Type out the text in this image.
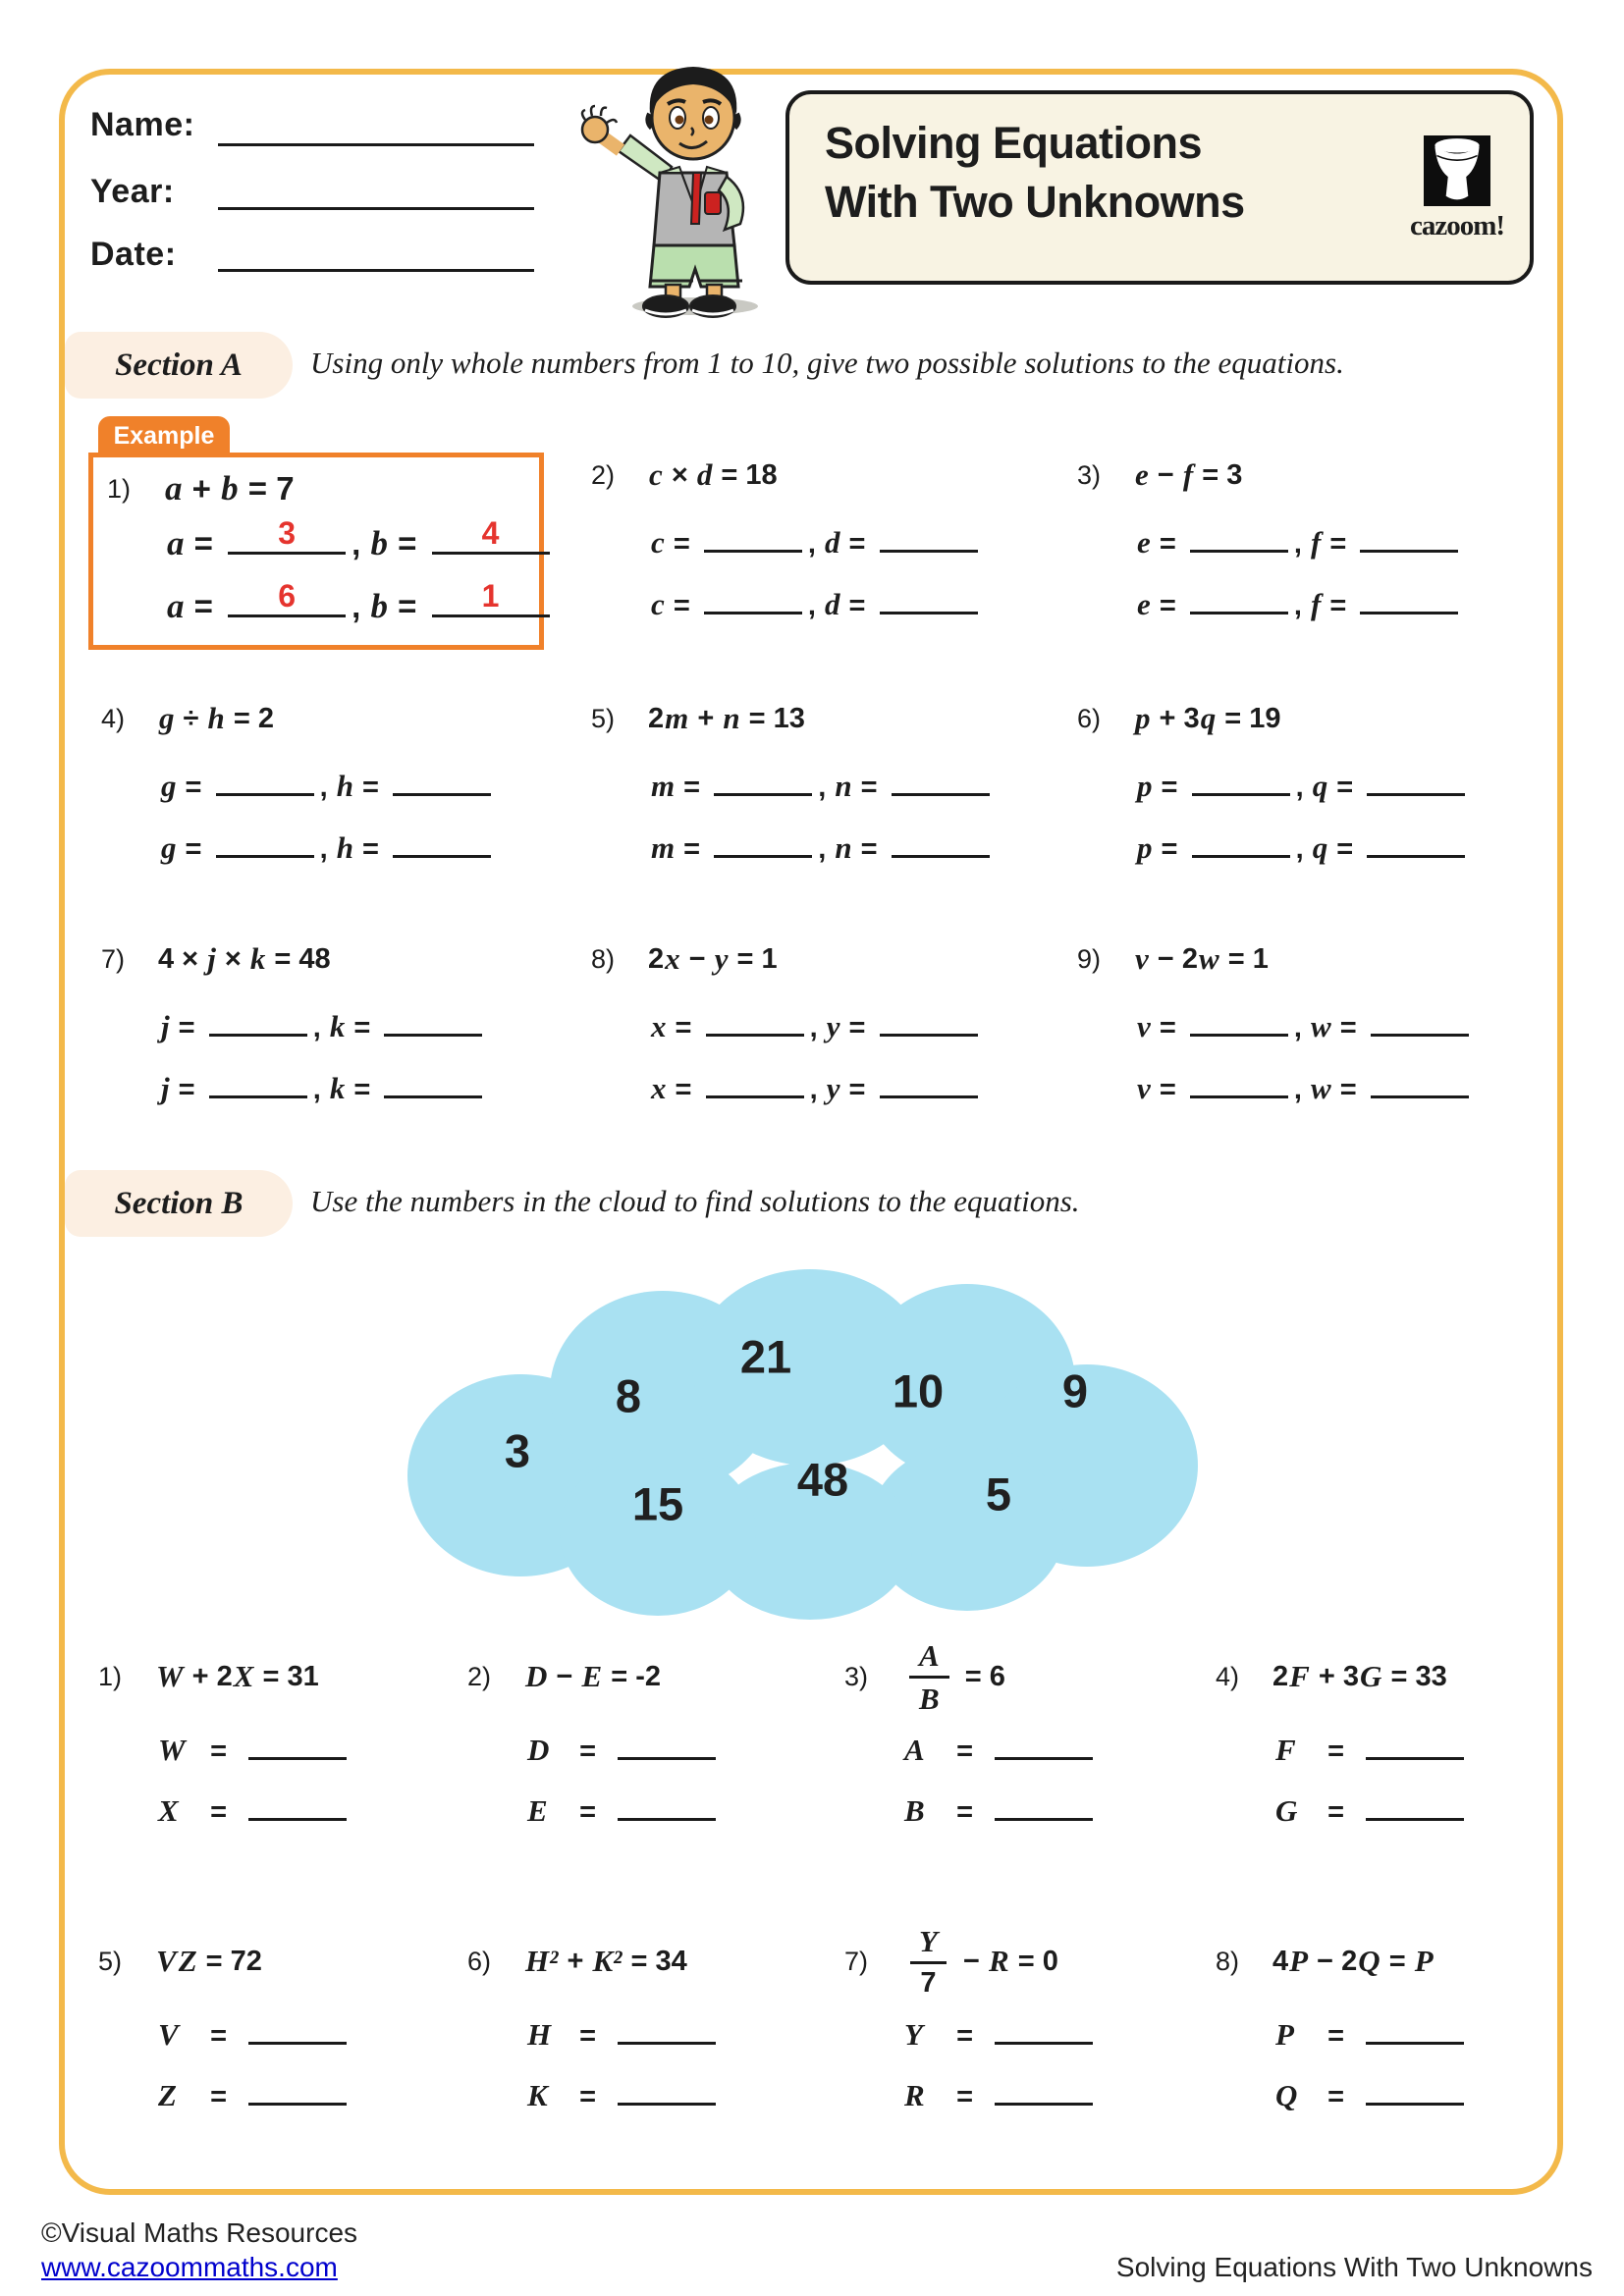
Name:
Year:
Date:
Solving Equations
With Two Unknowns	cazoom!
Section A	Using only whole numbers from 1 to 10, give two possible solutions to the equations.
Example
1) a + b = 7
a =	3	, b =	4
a =	6	, b =	1
2)	c × d = 18
c =	, d =
c =	, d =
3)	e − f = 3
e =	, f =
e =	, f =
4)	g ÷ h = 2
g =	, h =
g =	, h =
5)	2 m + n = 13
m =	, n =
m =	, n =
6)	p + 3 q = 19
p =	, q =
p =	, q =
7)	4 × j × k = 48
j =	, k =
j =	, k =
8)	2 x − y = 1
x =	, y =
x =	, y =
9)	v − 2 w = 1
v =	, w =
v =	, w =
Section B	Use the numbers in the cloud to find solutions to the equations.
3
8
21
10	9
15 48	5
1)	W + 2 X = 31
W =
X =
2)	D − E = -2
D =
E =
3)	$\frac{A}{B} = 6$
A =
B =
4)	2 F + 3 G = 33
F =
G =
5)	V Z = 72
V =
Z =
6)	H² + K² = 34
H =
K =
7)	$\frac{Y}{7} - R = 0$
Y =
R =
8)	4 P − 2 Q = P
P =
Q =
©Visual Maths Resources
www.cazoommaths.com	Solving Equations With Two Unknowns
